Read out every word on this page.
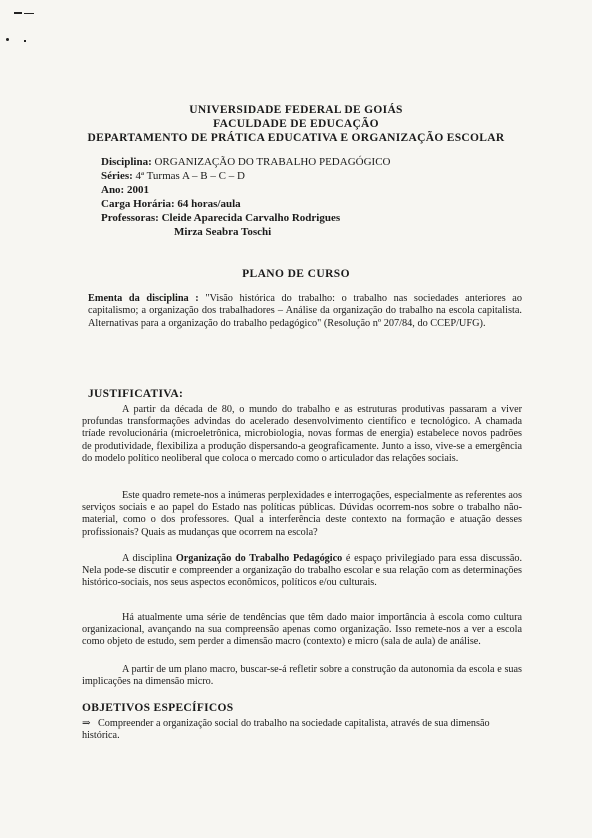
UNIVERSIDADE FEDERAL DE GOIÁS
FACULDADE DE EDUCAÇÃO
DEPARTAMENTO DE PRÁTICA EDUCATIVA E ORGANIZAÇÃO ESCOLAR
Disciplina: ORGANIZAÇÃO DO TRABALHO PEDAGÓGICO
Séries: 4ª Turmas A – B – C – D
Ano: 2001
Carga Horária: 64 horas/aula
Professoras: Cleide Aparecida Carvalho Rodrigues
Mirza Seabra Toschi
PLANO DE CURSO
Ementa da disciplina : "Visão histórica do trabalho: o trabalho nas sociedades anteriores ao capitalismo; a organização dos trabalhadores – Análise da organização do trabalho na escola capitalista. Alternativas para a organização do trabalho pedagógico" (Resolução nº 207/84, do CCEP/UFG).
JUSTIFICATIVA:
A partir da década de 80, o mundo do trabalho e as estruturas produtivas passaram a viver profundas transformações advindas do acelerado desenvolvimento científico e tecnológico. A chamada tríade revolucionária (microeletrônica, microbiologia, novas formas de energia) estabelece novos padrões de produtividade, flexibiliza a produção dispersando-a geograficamente. Junto a isso, vive-se a emergência do modelo político neoliberal que coloca o mercado como o articulador das relações sociais.
Este quadro remete-nos a inúmeras perplexidades e interrogações, especialmente as referentes aos serviços sociais e ao papel do Estado nas políticas públicas. Dúvidas ocorrem-nos sobre o trabalho não-material, como o dos professores. Qual a interferência deste contexto na formação e atuação desses profissionais? Quais as mudanças que ocorrem na escola?
A disciplina Organização do Trabalho Pedagógico é espaço privilegiado para essa discussão. Nela pode-se discutir e compreender a organização do trabalho escolar e sua relação com as determinações histórico-sociais, nos seus aspectos econômicos, políticos e/ou culturais.
Há atualmente uma série de tendências que têm dado maior importância à escola como cultura organizacional, avançando na sua compreensão apenas como organização. Isso remete-nos a ver a escola como objeto de estudo, sem perder a dimensão macro (contexto) e micro (sala de aula) de análise.
A partir de um plano macro, buscar-se-á refletir sobre a construção da autonomia da escola e suas implicações na dimensão micro.
OBJETIVOS ESPECÍFICOS
⇒ Compreender a organização social do trabalho na sociedade capitalista, através de sua dimensão histórica.
